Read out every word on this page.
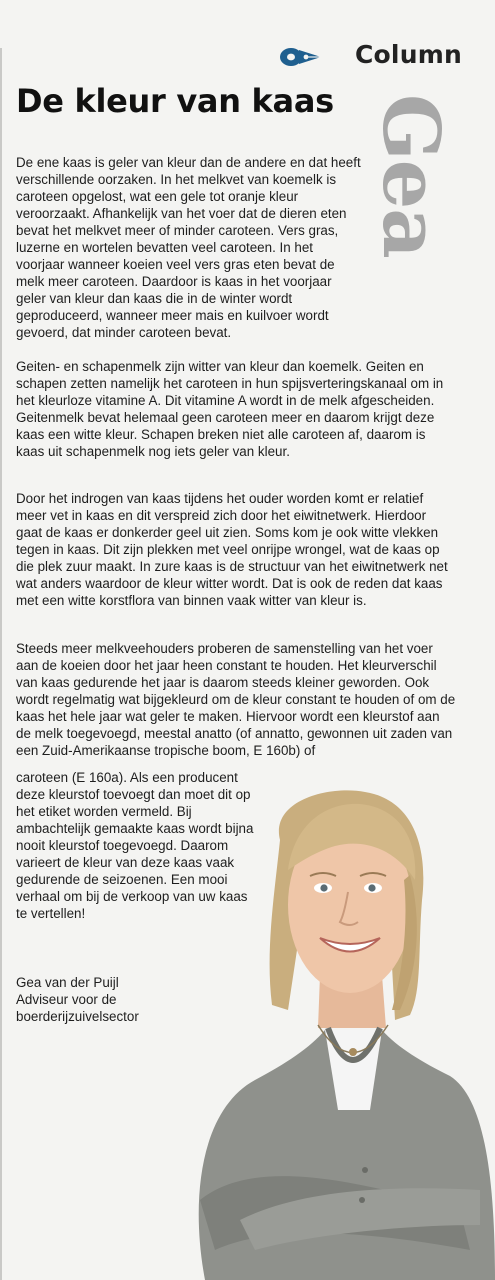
Column
Gea
De kleur van kaas

De ene kaas is geler van kleur dan de andere en dat heeft verschillende oorzaken. In het melkvet van koemelk is caroteen opgelost, wat een gele tot oranje kleur veroorzaakt. Afhankelijk van het voer dat de dieren eten bevat het melkvet meer of minder caroteen. Vers gras, luzerne en wortelen bevatten veel caroteen. In het voorjaar wanneer koeien veel vers gras eten bevat de melk meer caroteen. Daardoor is kaas in het voorjaar geler van kleur dan kaas die in de winter wordt geproduceerd, wanneer meer mais en kuilvoer wordt gevoerd, dat minder caroteen bevat.

Geiten- en schapenmelk zijn witter van kleur dan koemelk. Geiten en schapen zetten namelijk het caroteen in hun spijsverteringskanaal om in het kleurloze vitamine A. Dit vitamine A wordt in de melk afgescheiden. Geitenmelk bevat helemaal geen caroteen meer en daarom krijgt deze kaas een witte kleur. Schapen breken niet alle caroteen af, daarom is kaas uit schapenmelk nog iets geler van kleur.

Door het indrogen van kaas tijdens het ouder worden komt er relatief meer vet in kaas en dit verspreid zich door het eiwitnetwerk. Hierdoor gaat de kaas er donkerder geel uit zien. Soms kom je ook witte vlekken tegen in kaas. Dit zijn plekken met veel onrijpe wrongel, wat de kaas op die plek zuur maakt. In zure kaas is de structuur van het eiwitnetwerk net wat anders waardoor de kleur witter wordt. Dat is ook de reden dat kaas met een witte korstflora van binnen vaak witter van kleur is.

Steeds meer melkveehouders proberen de samenstelling van het voer aan de koeien door het jaar heen constant te houden. Het kleurverschil van kaas gedurende het jaar is daarom steeds kleiner geworden. Ook wordt regelmatig wat bijgekleurd om de kleur constant te houden of om de kaas het hele jaar wat geler te maken. Hiervoor wordt een kleurstof aan de melk toegevoegd, meestal anatto (of annatto, gewonnen uit zaden van een Zuid-Amerikaanse tropische boom, E 160b) of

caroteen (E 160a). Als een producent deze kleurstof toevoegt dan moet dit op het etiket worden vermeld. Bij ambachtelijk gemaakte kaas wordt bijna nooit kleurstof toegevoegd. Daarom varieert de kleur van deze kaas vaak gedurende de seizoenen. Een mooi verhaal om bij de verkoop van uw kaas te vertellen!

Gea van der Puijl
Adviseur voor de boerderijzuivelsector
